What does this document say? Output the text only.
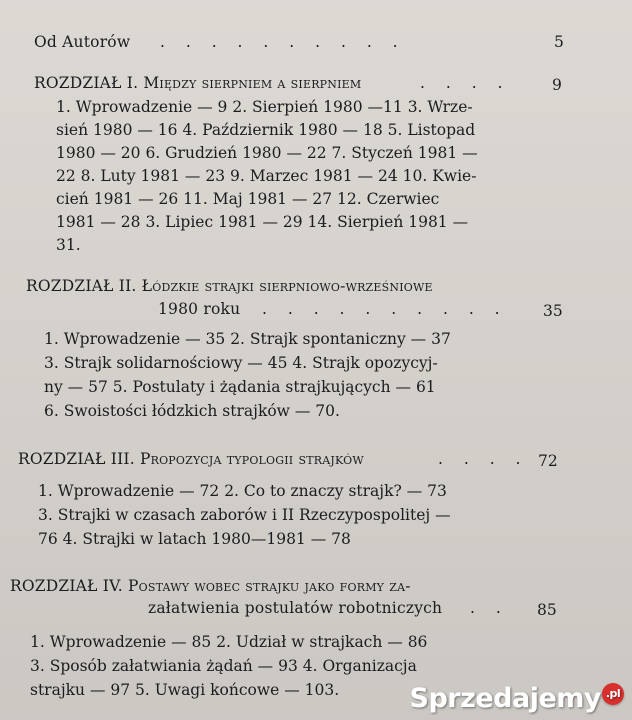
Od Autorów . . . . . . . . . .	5
ROZDZIAŁ I. Między sierpniem a sierpniem	. . . .	9
1. Wprowadzenie — 9 2. Sierpień 1980 —11 3. Wrze-
sień 1980 — 16 4. Październik 1980 — 18 5. Listopad
1980 — 20 6. Grudzień 1980 — 22 7. Styczeń 1981 —
22 8. Luty 1981 — 23 9. Marzec 1981 — 24 10. Kwie-
cień 1981 — 26 11. Maj 1981 — 27 12. Czerwiec
1981 — 28 3. Lipiec 1981 — 29 14. Sierpień 1981 —
31.
ROZDZIAŁ II. Łódzkie strajki sierpniowo-wrześniowe
1980 roku . . . . . . . . . . 35
1. Wprowadzenie — 35 2. Strajk spontaniczny — 37
3. Strajk solidarnościowy — 45 4. Strajk opozycyj-
ny — 57 5. Postulaty i żądania strajkujących — 61
6. Swoistości łódzkich strajków — 70.
ROZDZIAŁ III. Propozycja typologii strajków	. . . . 72
1. Wprowadzenie — 72 2. Co to znaczy strajk? — 73
3. Strajki w czasach zaborów i II Rzeczypospolitej —
76 4. Strajki w latach 1980—1981 — 78
ROZDZIAŁ IV. Postawy wobec strajku jako formy za-
załatwienia postulatów robotniczych . . 85
1. Wprowadzenie — 85 2. Udział w strajkach — 86
3. Sposób załatwiania żądań — 93 4. Organizacja
strajku — 97 5. Uwagi końcowe — 103.	Sprzedajemy .pl
